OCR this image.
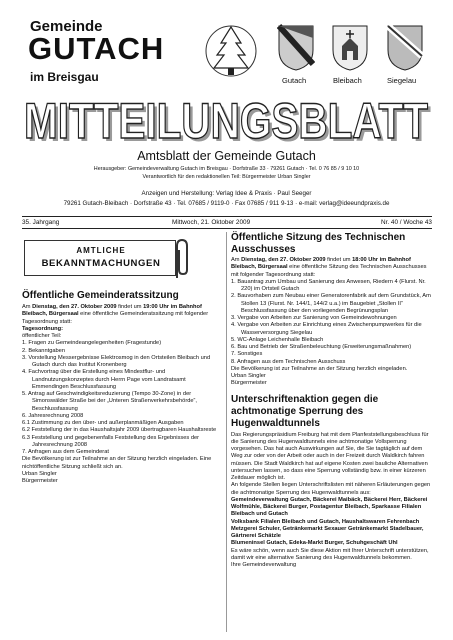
Gemeinde
GUTACH
im Breisgau	Gutach	Bleibach	Siegelau
MITTEILUNGSBLATT
MITTEILUNGSBLATT
Amtsblatt der Gemeinde Gutach
Herausgeber: Gemeindeverwaltung Gutach im Breisgau · Dorfstraße 33 · 79261 Gutach · Tel. 0 76 85 / 9 10 10
Verantwortlich für den redaktionellen Teil: Bürgermeister Urban Singler
Anzeigen und Herstellung: Verlag Idee & Praxis · Paul Seeger
79261 Gutach-Bleibach · Dorfstraße 43 · Tel. 07685 / 9119-0 · Fax 07685 / 911 9-13 · e-mail: verlag@ideeundpraxis.de
35. Jahrgang	Mittwoch, 21. Oktober 2009	Nr. 40 / Woche 43
AMTLICHE
BEKANNTMACHUNGEN
Öffentliche Gemeinderatssitzung
Am Dienstag, den 27. Oktober 2009 findet um 19:00 Uhr im Bahnhof Bleibach, Bürgersaal eine öffentliche Gemeinderatssitzung mit folgender Tagesordnung statt:
Tagesordnung:
öffentlicher Teil:
1. Fragen zu Gemeindeangelegenheiten (Fragestunde)
2. Bekanntgaben
3. Vorstellung Messergebnisse Elektrosmog in den Ortsteilen Bleibach und Gutach durch das Institut Kronenberg
4. Fachvortrag über die Erstellung eines Mindestflur- und Landnutzungskonzeptes durch Herrn Page vom Landratsamt Emmendingen Beschlussfassung
5. Antrag auf Geschwindigkeitsreduzierung (Tempo 30-Zone) in der Simonswälder Straße bei der „Unteren Straßenverkehrsbehörde“, Beschlussfassung
6. Jahresrechnung 2008
6.1 Zustimmung zu den über- und außerplanmäßigen Ausgaben
6.2 Feststellung der in das Haushaltsjahr 2009 übertragbaren Haushaltsreste
6.3 Feststellung und gegebenenfalls Feststellung des Ergebnisses der Jahresrechnung 2008
7. Anfragen aus dem Gemeinderat
Die Bevölkerung ist zur Teilnahme an der Sitzung herzlich eingeladen. Eine nichtöffentliche Sitzung schließt sich an.
Urban Singler
Bürgermeister
Öffentliche Sitzung des Technischen Ausschusses
Am Dienstag, den 27. Oktober 2009 findet um 18:00 Uhr im Bahnhof Bleibach, Bürgersaal eine öffentliche Sitzung des Technischen Ausschusses mit folgender Tagesordnung statt:
1. Bauantrag zum Umbau und Sanierung des Anwesen, Riedern 4 (Flurst. Nr. 220) im Ortsteil Gutach
2. Bauvorhaben zum Neubau einer Generatorenfabrik auf dem Grundstück, Am Stollen 13 (Flurst. Nr. 144/1, 144/2 u.a.) im Baugebiet „Stollen II“ Beschlussfassung über den vorliegenden Begrünungsplan
3. Vergabe von Arbeiten zur Sanierung von Gemeindewohnungen
4. Vergabe von Arbeiten zur Einrichtung eines Zwischenpumpwerkes für die Wasserversorgung Siegelau
5. WC-Anlage Leichenhalle Bleibach
6. Bau und Betrieb der Straßenbeleuchtung (Erweiterungsmaßnahmen)
7. Sonstiges
8. Anfragen aus dem Technischen Ausschuss
Die Bevölkerung ist zur Teilnahme an der Sitzung herzlich eingeladen.
Urban Singler
Bürgermeister
Unterschriftenaktion gegen die achtmonatige Sperrung des Hugenwaldtunnels
Das Regierungspräsidium Freiburg hat mit dem Planfeststellungsbeschluss für die Sanierung des Hugenwaldtunnels eine achtmonatige Vollsperrung vorgesehen. Das hat auch Auswirkungen auf Sie, die Sie tagtäglich auf dem Weg zur oder von der Arbeit oder auch in der Freizeit durch Waldkirch fahren müssen. Die Stadt Waldkirch hat auf eigene Kosten zwei bauliche Alternativen untersuchen lassen, so dass eine Sperrung vollständig bzw. in einer kürzeren Zeitdauer möglich ist.
An folgende Stellen liegen Unterschriftslisten mit näheren Erläuterungen gegen die achtmonatige Sperrung des Hugenwaldtunnels aus:
Gemeindeverwaltung Gutach, Bäckerei Maibäck, Bäckerei Herr, Bäckerei Wolfmühle, Bäckerei Burger, Postagentur Bleibach, Sparkasse Filialen Bleibach und Gutach
Volksbank Filialen Bleibach und Gutach, Haushaltswaren Fehrenbach Metzgerei Schuler, Getränkemarkt Sexauer Getränkemarkt Stadelbauer, Gärtnerei Schätzle
Blumeninsel Gutach, Edeka-Markt Burger, Schuhgeschäft Uhl
Es wäre schön, wenn auch Sie diese Aktion mit Ihrer Unterschrift unterstützen, damit wir eine alternative Sanierung des Hugenwaldtunnels bekommen.
Ihre Gemeindeverwaltung
